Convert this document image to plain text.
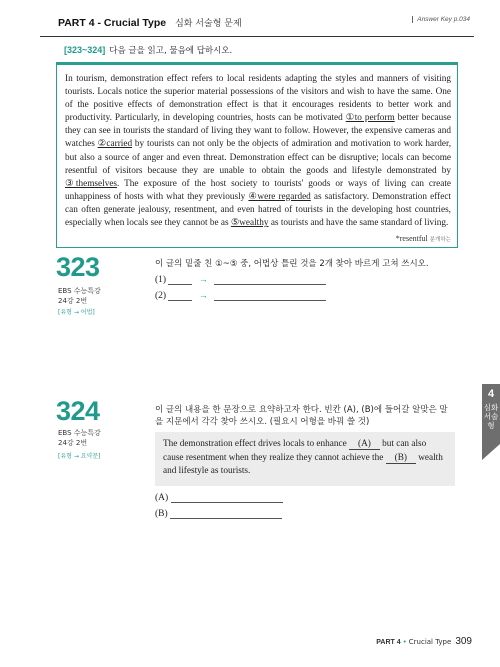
PART 4 - Crucial Type 심화 서술형 문제	Answer Key p.034
[323~324] 다음 글을 읽고, 물음에 답하시오.
In tourism, demonstration effect refers to local residents adapting the styles and manners of visiting tourists. Locals notice the superior material possessions of the visitors and wish to have the same. One of the positive effects of demonstration effect is that it encourages residents to better work and productivity. Particularly, in developing countries, hosts can be motivated ①to perform better because they can see in tourists the standard of living they want to follow. However, the expensive cameras and watches ②carried by tourists can not only be the objects of admiration and motivation to work harder, but also a source of anger and even threat. Demonstration effect can be disruptive; locals can become resentful of visitors because they are unable to obtain the goods and lifestyle demonstrated by ③themselves. The exposure of the host society to tourists' goods or ways of living can create unhappiness of hosts with what they previously ④were regarded as satisfactory. Demonstration effect can often generate jealousy, resentment, and even hatred of tourists in the developing host countries, especially when locals see they cannot be as ⑤wealthy as tourists and have the same standard of living.
*resentful 분개하는
323
EBS 수능특강
24강 2번
[유형 → 어법]
이 글의 밑줄 친 ①~⑤ 중, 어법상 틀린 것을 2개 찾아 바르게 고쳐 쓰시오.
(1)	→
(2)	→
324
EBS 수능특강
24강 2번
[유형 → 요약문]
이 글의 내용을 한 문장으로 요약하고자 한다. 빈칸 (A), (B)에 들어갈 알맞은 말을 지문에서 각각 찾아 쓰시오. (필요시 어형을 바꿔 쓸 것)
The demonstration effect drives locals to enhance    (A)    but can also cause resentment when they realize they cannot achieve the    (B)    wealth and lifestyle as tourists.
(A)
(B)
4
심화 서술형
PART 4 • Crucial Type 309
